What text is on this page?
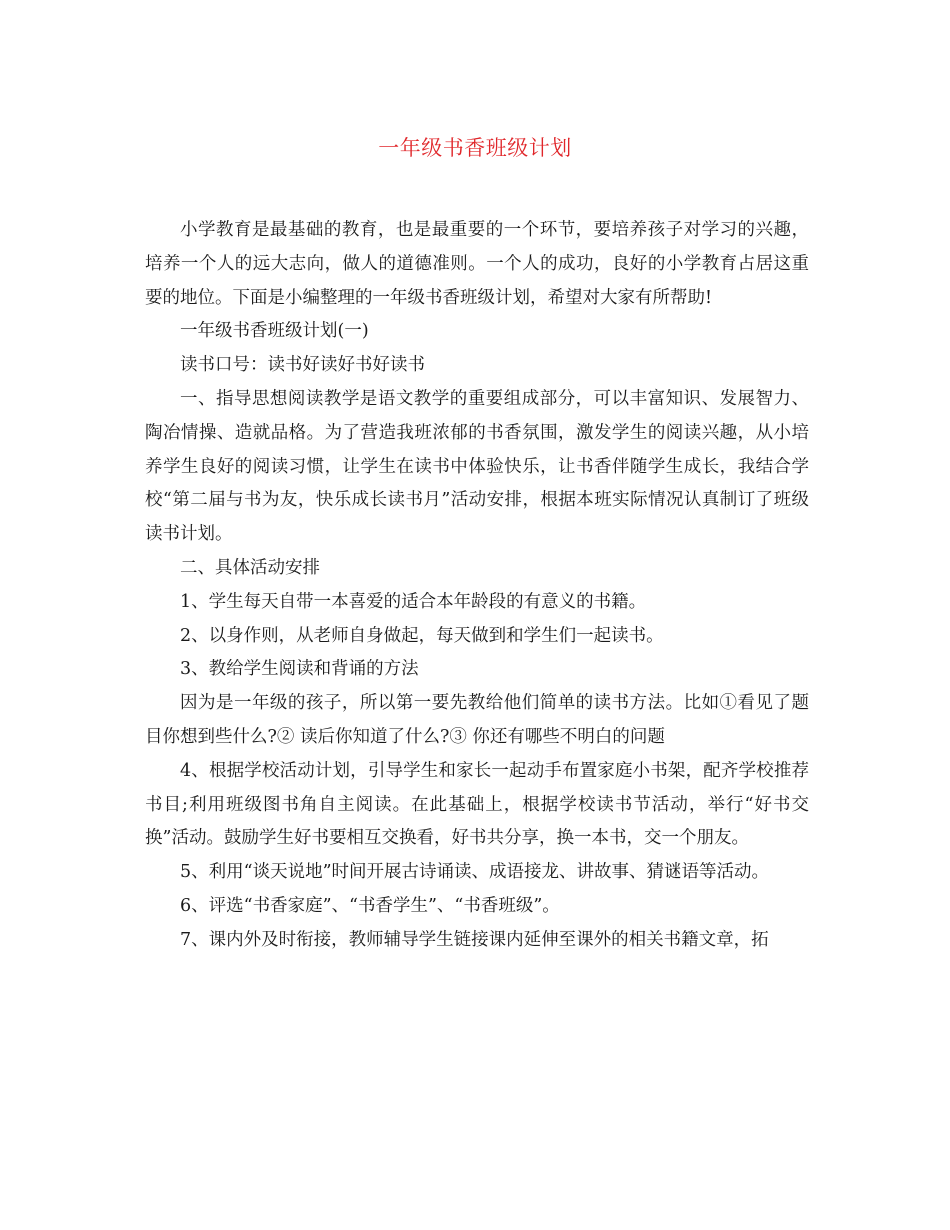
一年级书香班级计划

小学教育是最基础的教育，也是最重要的一个环节，要培养孩子对学习的兴趣，培养一个人的远大志向，做人的道德准则。一个人的成功，良好的小学教育占居这重要的地位。下面是小编整理的一年级书香班级计划，希望对大家有所帮助!

一年级书香班级计划(一)

读书口号：读书好读好书好读书

一、指导思想阅读教学是语文教学的重要组成部分，可以丰富知识、发展智力、陶冶情操、造就品格。为了营造我班浓郁的书香氛围，激发学生的阅读兴趣，从小培养学生良好的阅读习惯，让学生在读书中体验快乐，让书香伴随学生成长，我结合学校“第二届与书为友，快乐成长读书月”活动安排，根据本班实际情况认真制订了班级读书计划。

二、具体活动安排

1、学生每天自带一本喜爱的适合本年龄段的有意义的书籍。

2、以身作则，从老师自身做起，每天做到和学生们一起读书。

3、教给学生阅读和背诵的方法

因为是一年级的孩子，所以第一要先教给他们简单的读书方法。比如①看见了题目你想到些什么?② 读后你知道了什么?③ 你还有哪些不明白的问题

4、根据学校活动计划，引导学生和家长一起动手布置家庭小书架，配齐学校推荐书目;利用班级图书角自主阅读。在此基础上，根据学校读书节活动，举行“好书交换”活动。鼓励学生好书要相互交换看，好书共分享，换一本书，交一个朋友。

5、利用“谈天说地”时间开展古诗诵读、成语接龙、讲故事、猜谜语等活动。

6、评选“书香家庭”、“书香学生”、“书香班级”。

7、课内外及时衔接，教师辅导学生链接课内延伸至课外的相关书籍文章，拓
